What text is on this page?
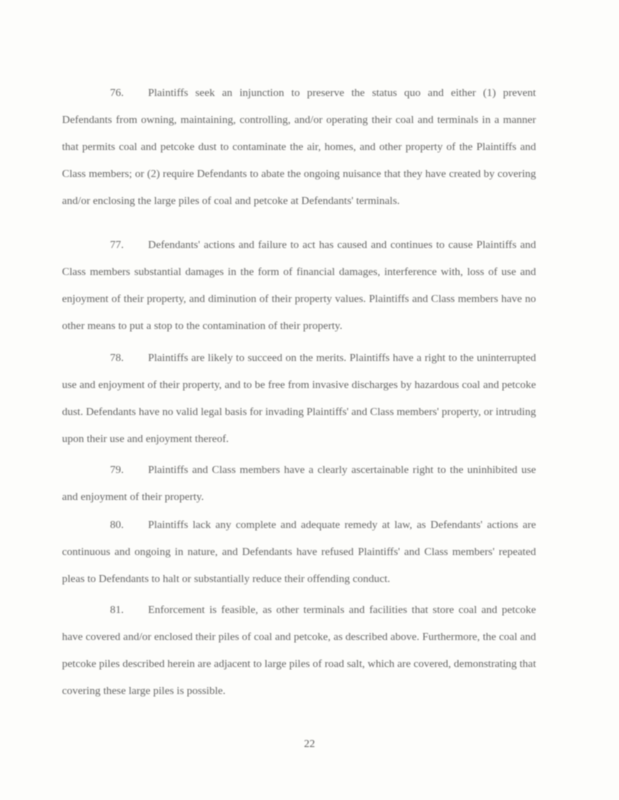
76. Plaintiffs seek an injunction to preserve the status quo and either (1) prevent Defendants from owning, maintaining, controlling, and/or operating their coal and terminals in a manner that permits coal and petcoke dust to contaminate the air, homes, and other property of the Plaintiffs and Class members; or (2) require Defendants to abate the ongoing nuisance that they have created by covering and/or enclosing the large piles of coal and petcoke at Defendants' terminals.

77. Defendants' actions and failure to act has caused and continues to cause Plaintiffs and Class members substantial damages in the form of financial damages, interference with, loss of use and enjoyment of their property, and diminution of their property values. Plaintiffs and Class members have no other means to put a stop to the contamination of their property.

78. Plaintiffs are likely to succeed on the merits. Plaintiffs have a right to the uninterrupted use and enjoyment of their property, and to be free from invasive discharges by hazardous coal and petcoke dust. Defendants have no valid legal basis for invading Plaintiffs' and Class members' property, or intruding upon their use and enjoyment thereof.

79. Plaintiffs and Class members have a clearly ascertainable right to the uninhibited use and enjoyment of their property.

80. Plaintiffs lack any complete and adequate remedy at law, as Defendants' actions are continuous and ongoing in nature, and Defendants have refused Plaintiffs' and Class members' repeated pleas to Defendants to halt or substantially reduce their offending conduct.

81. Enforcement is feasible, as other terminals and facilities that store coal and petcoke have covered and/or enclosed their piles of coal and petcoke, as described above. Furthermore, the coal and petcoke piles described herein are adjacent to large piles of road salt, which are covered, demonstrating that covering these large piles is possible.

22
